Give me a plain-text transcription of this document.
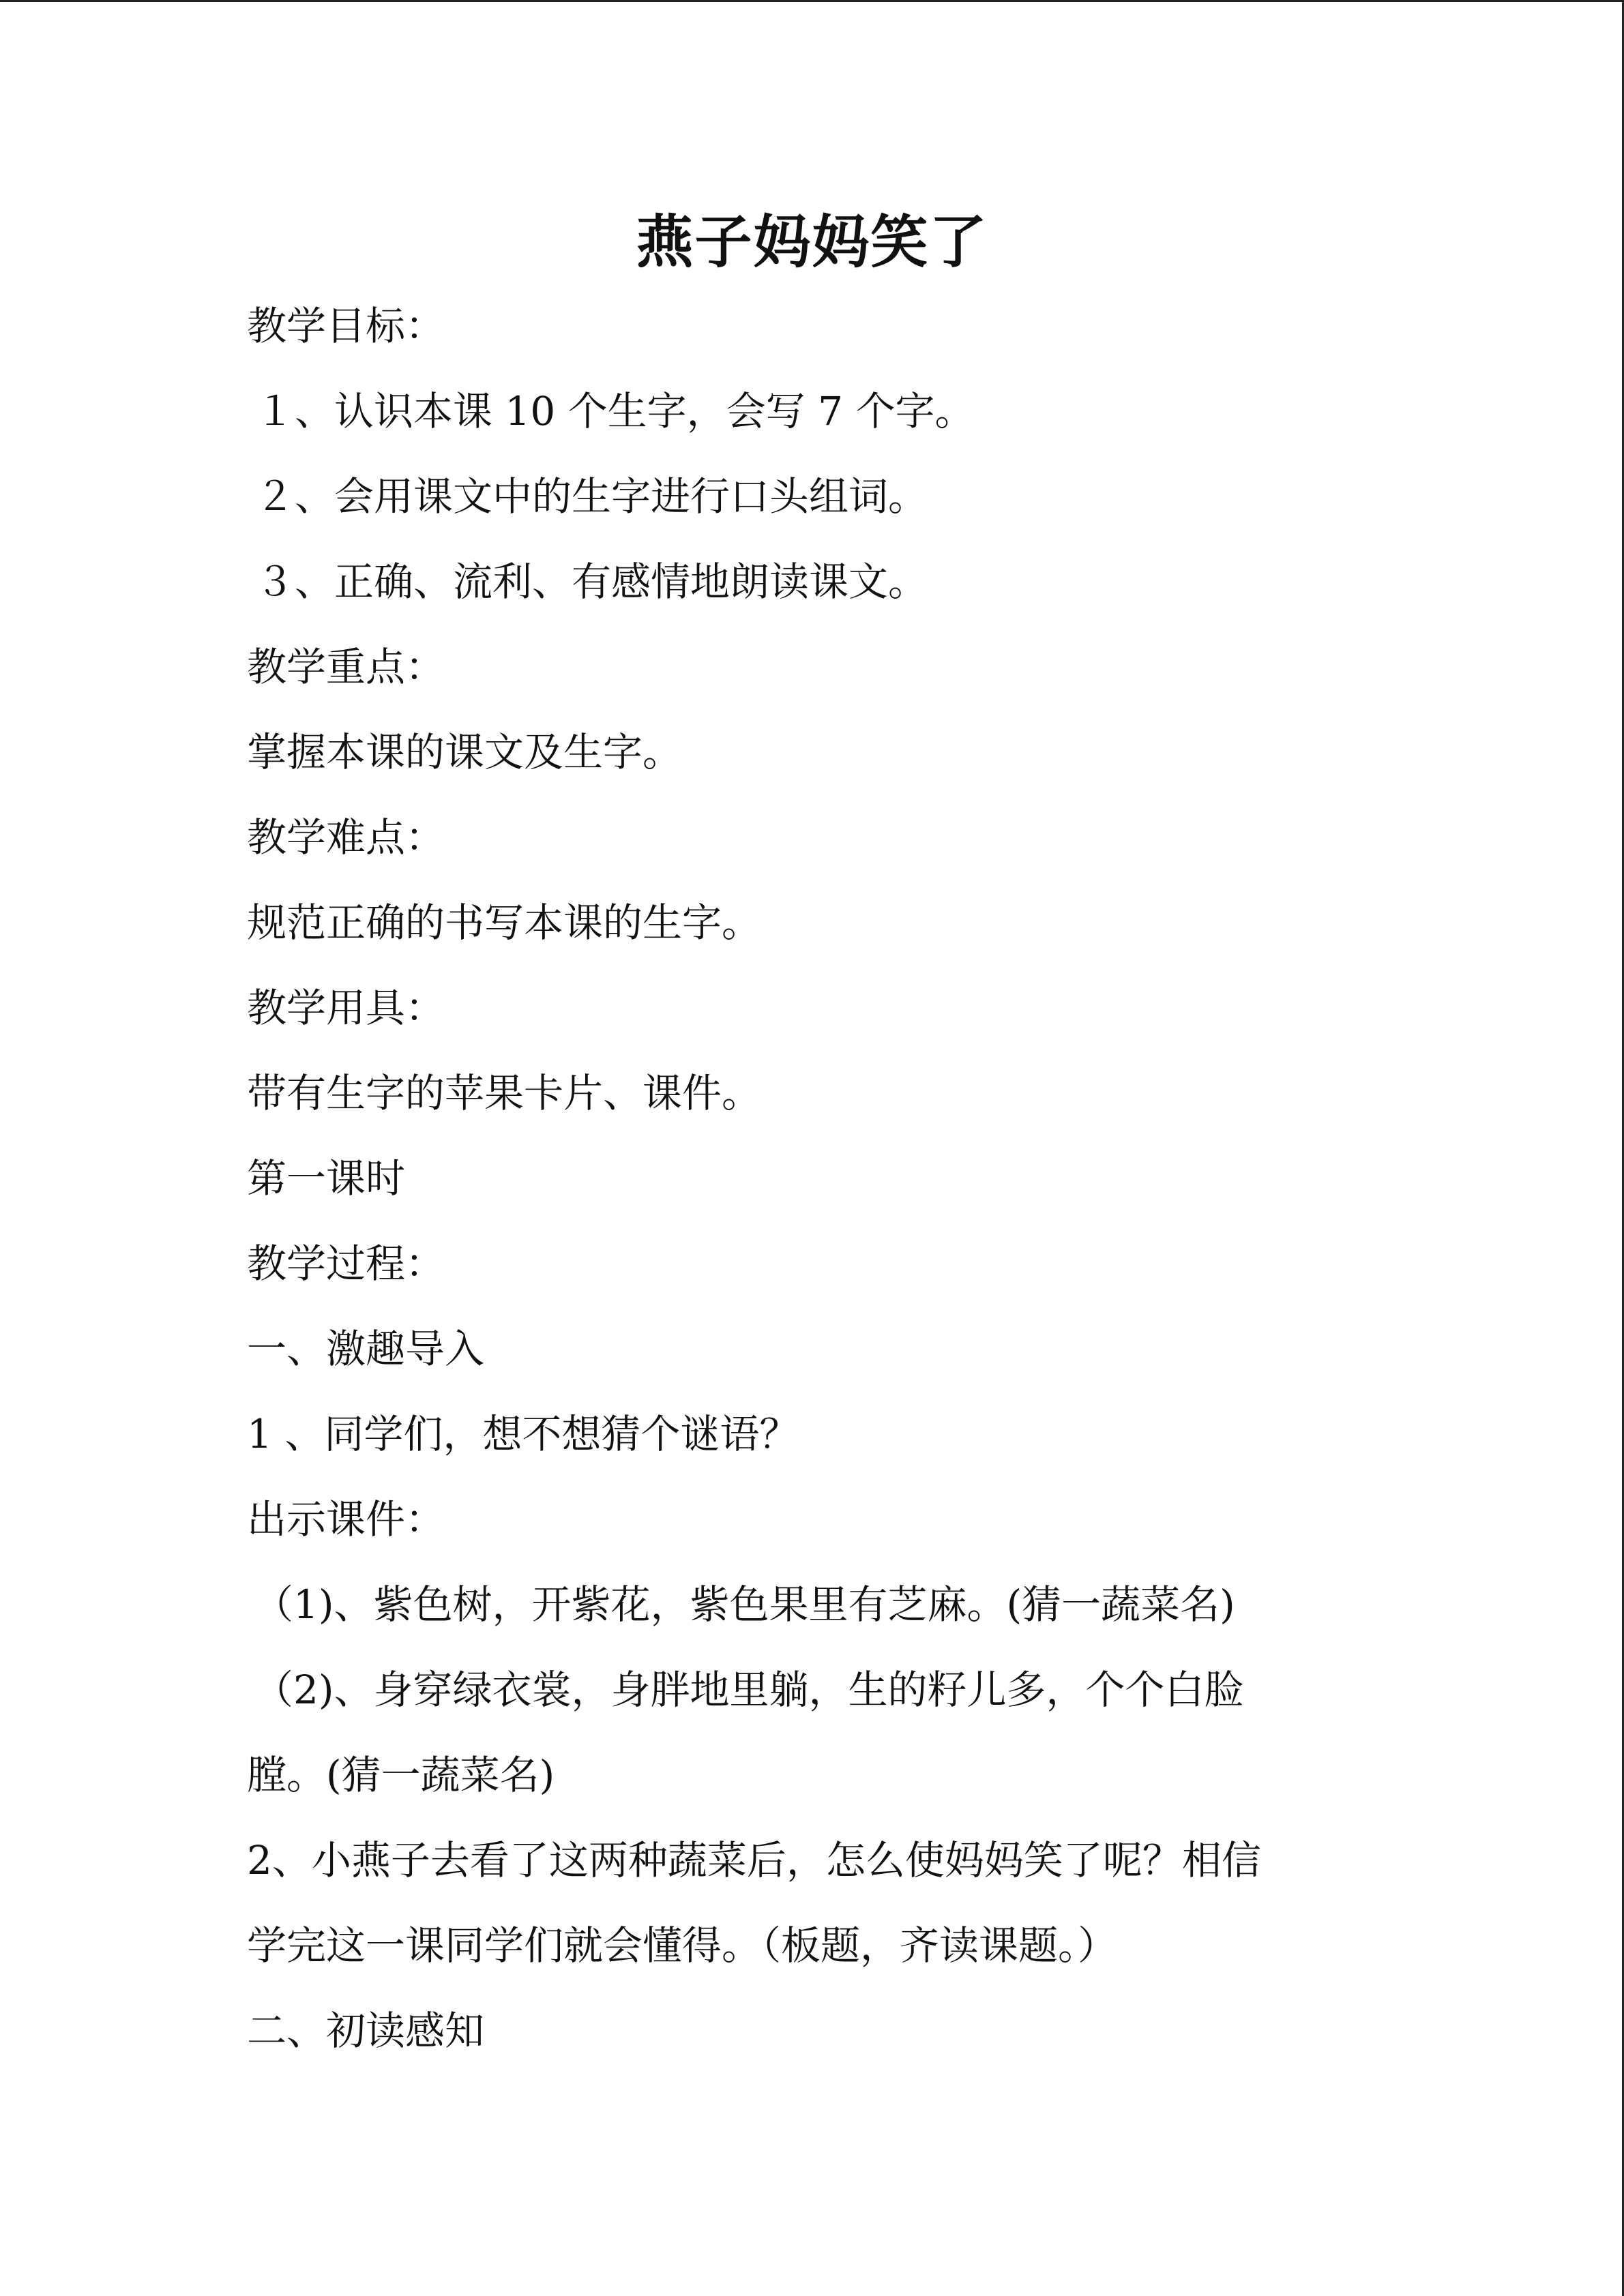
燕子妈妈笑了
教学目标：
１、认识本课 10 个生字，会写 7 个字。
２、会用课文中的生字进行口头组词。
３、正确、流利、有感情地朗读课文。
教学重点：
掌握本课的课文及生字。
教学难点：
规范正确的书写本课的生字。
教学用具：
带有生字的苹果卡片、课件。
第一课时
教学过程：
一、激趣导入
1 、同学们，想不想猜个谜语？
出示课件：
（1)、紫色树，开紫花，紫色果里有芝麻。(猜一蔬菜名)
（2)、身穿绿衣裳，身胖地里躺，生的籽儿多，个个白脸
膛。(猜一蔬菜名)
2、小燕子去看了这两种蔬菜后，怎么使妈妈笑了呢？相信
学完这一课同学们就会懂得。（板题，齐读课题。）
二、初读感知
